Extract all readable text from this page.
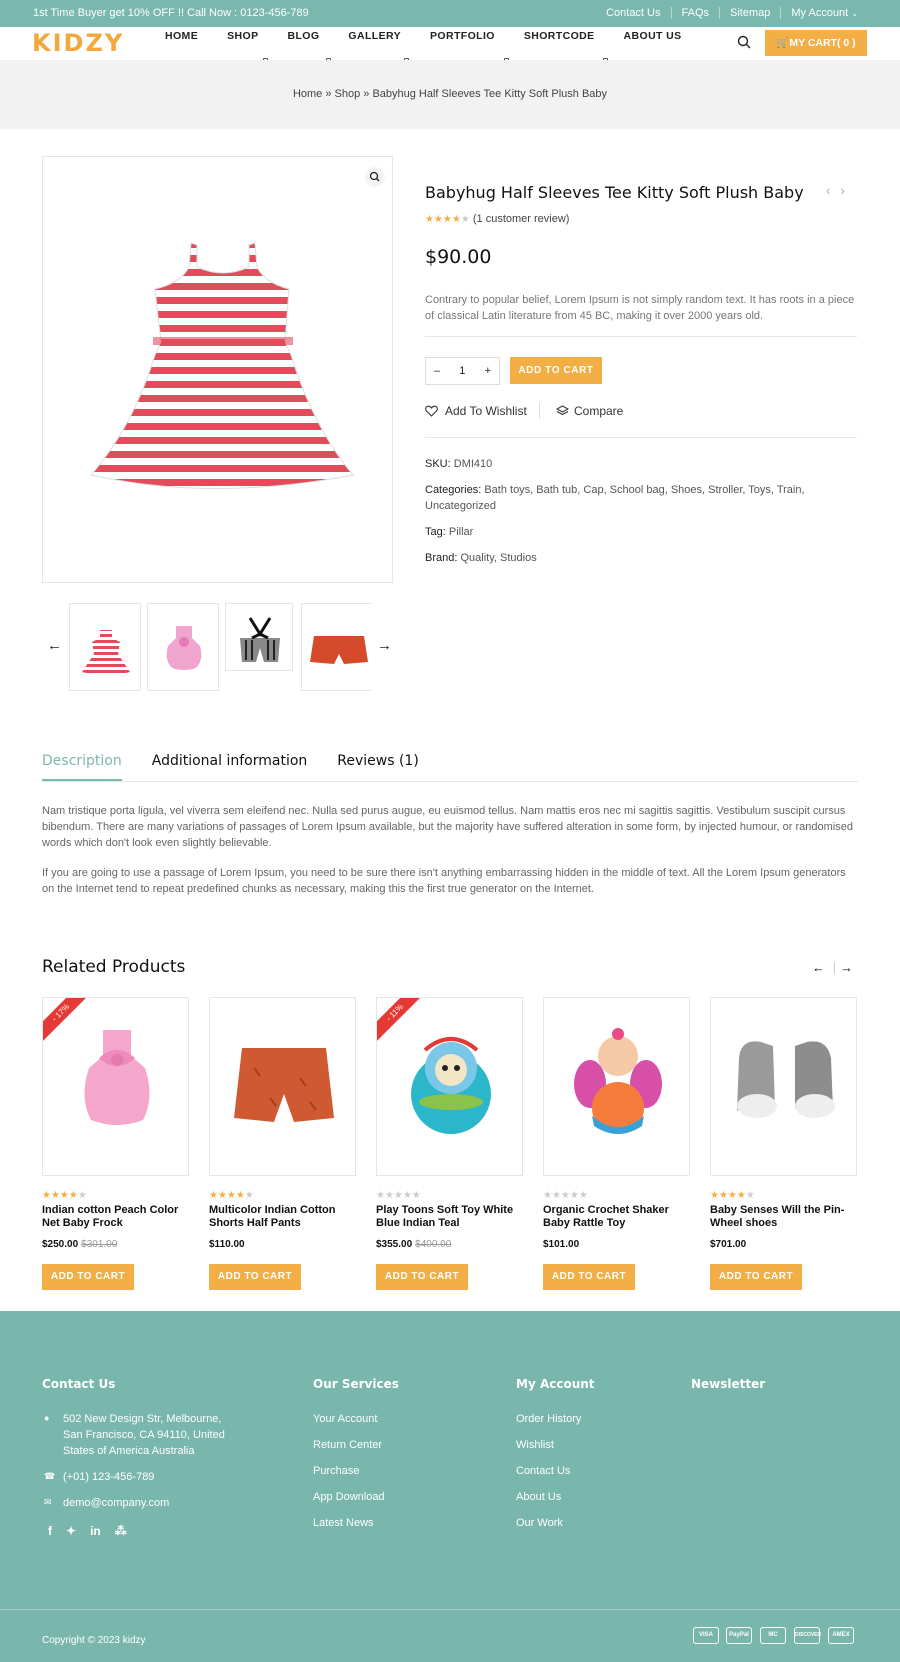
1st Time Buyer get 10% OFF !! Call Now : 0123-456-789	Contact Us	FAQs	Sitemap	My Account ⌄
KIDZY	HOME	SHOP	BLOG	GALLERY	PORTFOLIO	SHORTCODE	ABOUT US
🛒MY CART( 0 )
Home » Shop » Babyhug Half Sleeves Tee Kitty Soft Plush Baby
←	→
Babyhug Half Sleeves Tee Kitty Soft Plush Baby ‹›
★★★★★ (1 customer review)
$90.00
Contrary to popular belief, Lorem Ipsum is not simply random text. It has roots in a piece of classical Latin literature from 45 BC, making it over 2000 years old.
– 1 +	ADD TO CART
Add To Wishlist	Compare
SKU: DMI410
Categories: Bath toys, Bath tub, Cap, School bag, Shoes, Stroller, Toys, Train, Uncategorized
Tag: Pillar
Brand: Quality, Studios
Description Additional information Reviews (1)
Nam tristique porta ligula, vel viverra sem eleifend nec. Nulla sed purus augue, eu euismod tellus. Nam mattis eros nec mi sagittis sagittis. Vestibulum suscipit cursus bibendum. There are many variations of passages of Lorem Ipsum available, but the majority have suffered alteration in some form, by injected humour, or randomised words which don't look even slightly believable.
If you are going to use a passage of Lorem Ipsum, you need to be sure there isn't anything embarrassing hidden in the middle of text. All the Lorem Ipsum generators on the Internet tend to repeat predefined chunks as necessary, making this the first true generator on the Internet.
Related Products	← →
- 17%
★★★★★
Indian cotton Peach Color Net Baby Frock
$250.00 $301.00
ADD TO CART
★★★★★
Multicolor Indian Cotton Shorts Half Pants
$110.00
ADD TO CART
- 11%
★★★★★
Play Toons Soft Toy White Blue Indian Teal
$355.00 $400.00
ADD TO CART
★★★★★
Organic Crochet Shaker Baby Rattle Toy
$101.00
ADD TO CART
★★★★★
Baby Senses Will the Pin-Wheel shoes
$701.00
ADD TO CART
Contact Us
● 502 New Design Str, Melbourne, San Francisco, CA 94110, United States of America Australia
☎ (+01) 123-456-789
✉ demo@company.com
f ✦ in ⁂
Our Services
Your Account
Return Center
Purchase
App Download
Latest News
My Account
Order History
Wishlist
Contact Us
About Us
Our Work
Newsletter
Copyright © 2023 kidzy	VISA	PayPal	MC	DISCOVER	AMEX
